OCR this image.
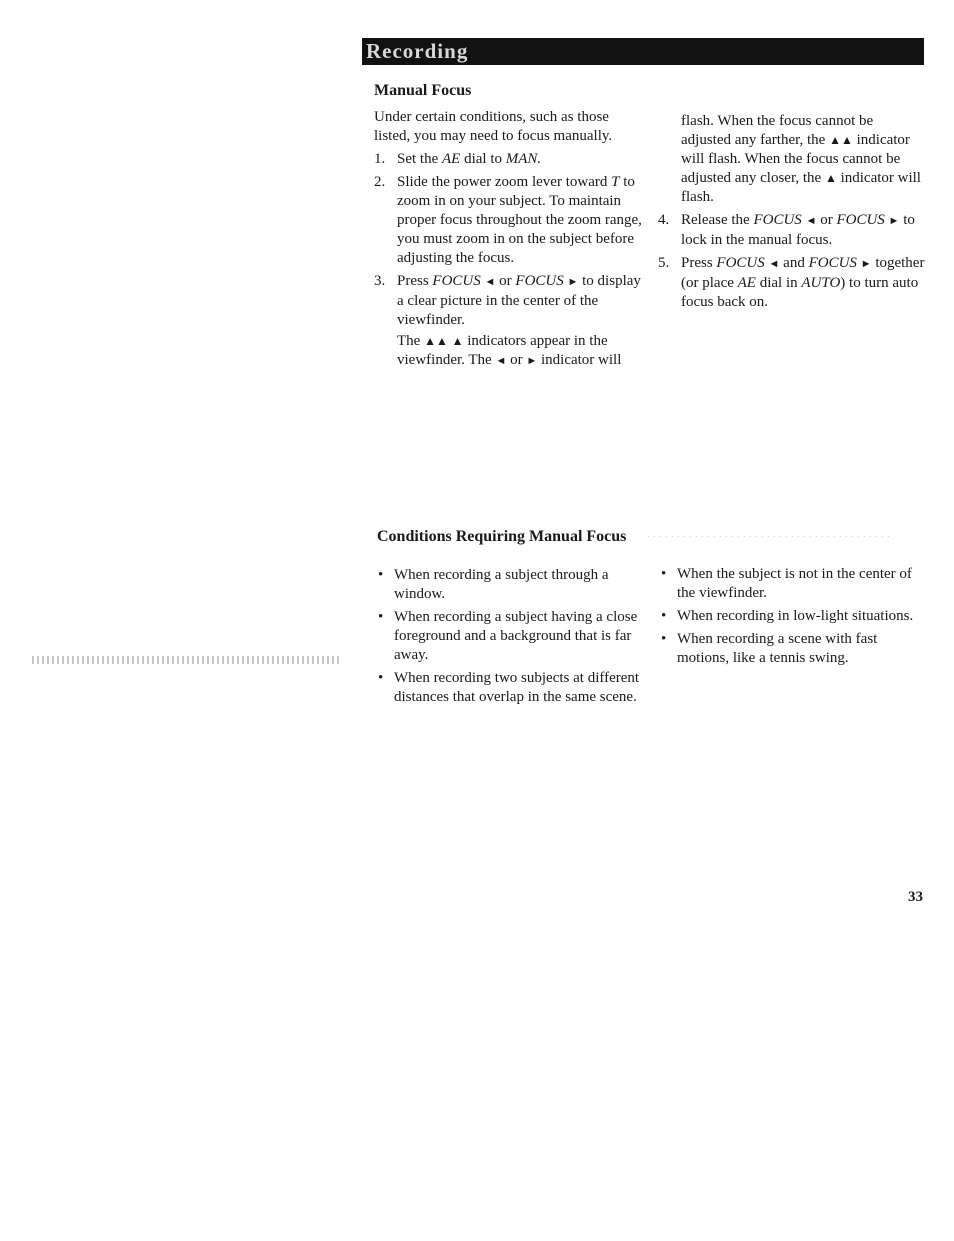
Recording
Manual Focus

Under certain conditions, such as those listed, you may need to focus manually.

1. Set the AE dial to MAN.
2. Slide the power zoom lever toward T to zoom in on your subject. To maintain proper focus throughout the zoom range, you must zoom in on the subject before adjusting the focus.
3. Press FOCUS ◄ or FOCUS ► to display a clear picture in the center of the viewfinder.

The ▲▲ ▲ indicators appear in the viewfinder. The ◄ or ► indicator will

flash. When the focus cannot be adjusted any farther, the ▲▲ indicator will flash. When the focus cannot be adjusted any closer, the ▲ indicator will flash.

4. Release the FOCUS ◄ or FOCUS ► to lock in the manual focus.
5. Press FOCUS ◄ and FOCUS ► together (or place AE dial in AUTO) to turn auto focus back on.
Conditions Requiring Manual Focus
• When recording a subject through a window.
• When recording a subject having a close foreground and a background that is far away.
• When recording two subjects at different distances that overlap in the same scene.
• When the subject is not in the center of the viewfinder.
• When recording in low-light situations.
• When recording a scene with fast motions, like a tennis swing.
33
